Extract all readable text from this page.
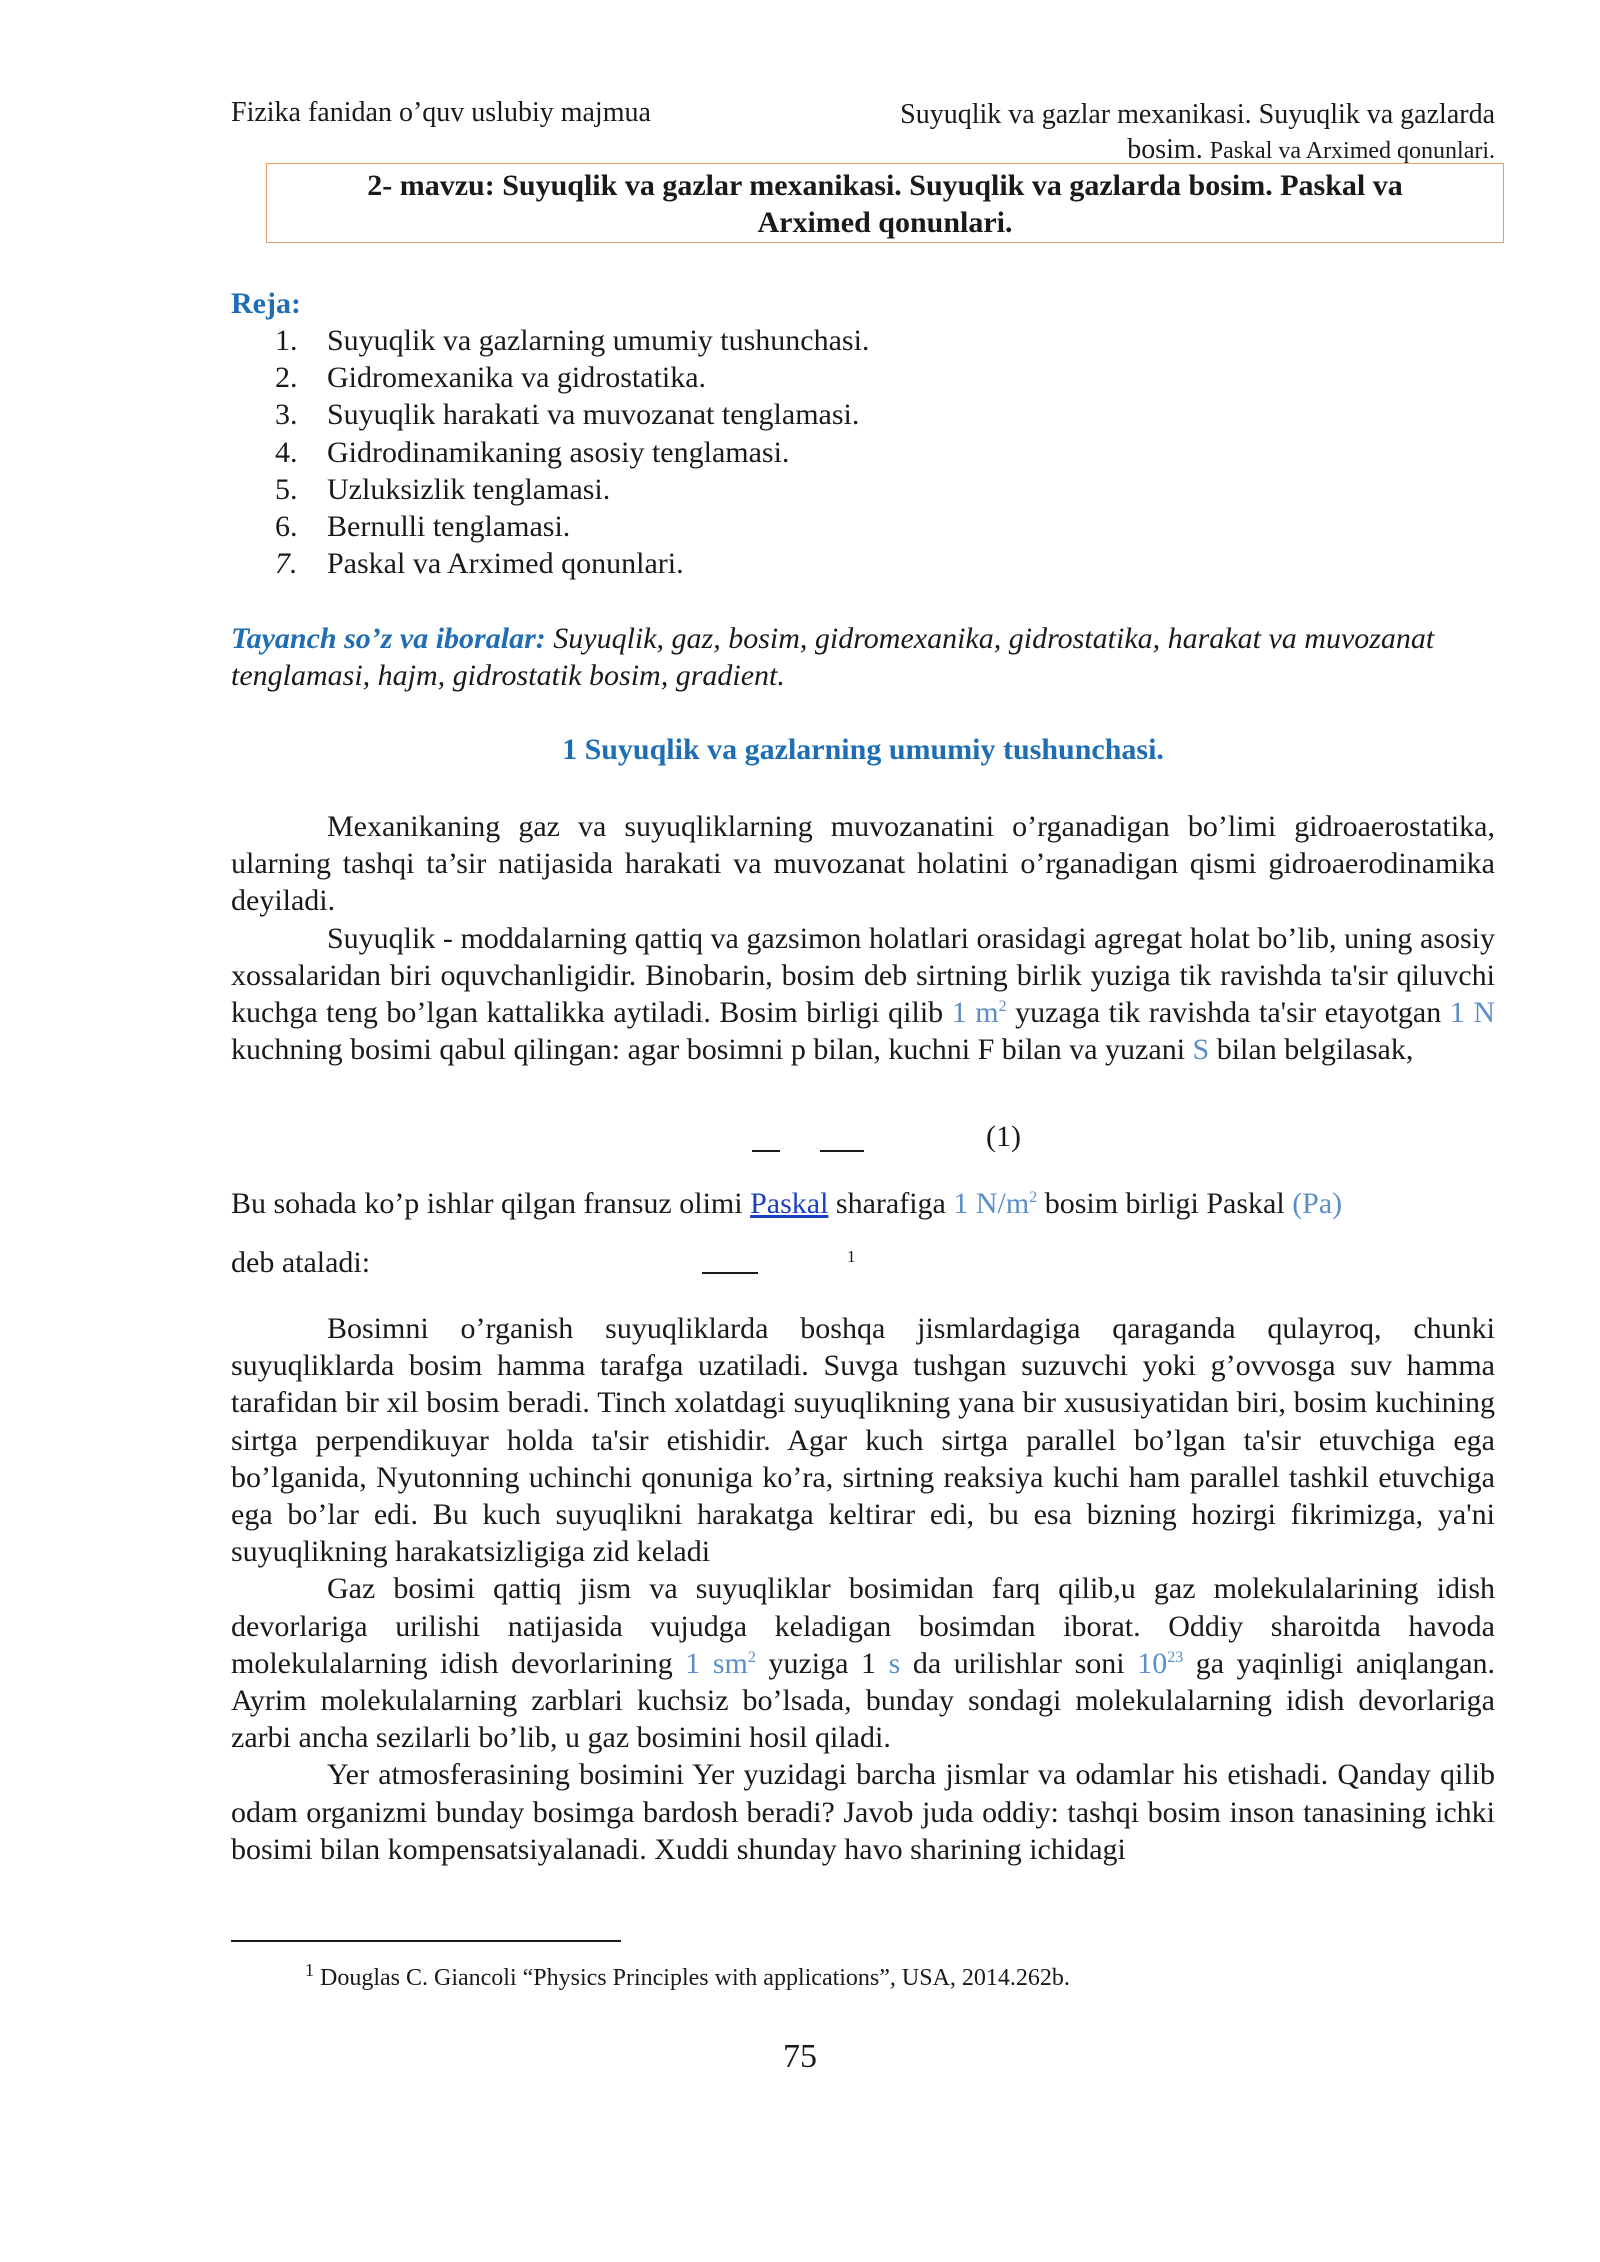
Fizika fanidan o’quv uslubiy majmua	Suyuqlik va gazlar mexanikasi. Suyuqlik va gazlarda
bosim. Paskal va Arximed qonunlari.
2- mavzu: Suyuqlik va gazlar mexanikasi. Suyuqlik va gazlarda bosim. Paskal va
Arximed qonunlari.
Reja:
1. Suyuqlik va gazlarning umumiy tushunchasi.
2. Gidromexanika va gidrostatika.
3. Suyuqlik harakati va muvozanat tenglamasi.
4. Gidrodinamikaning asosiy tenglamasi.
5. Uzluksizlik tenglamasi.
6. Bernulli tenglamasi.
7. Paskal va Arximed qonunlari.
Tayanch so’z va iboralar: Suyuqlik, gaz, bosim, gidromexanika, gidrostatika, harakat va muvozanat tenglamasi, hajm, gidrostatik bosim, gradient.
1 Suyuqlik va gazlarning umumiy tushunchasi.

Mexanikaning gaz va suyuqliklarning muvozanatini o’rganadigan bo’limi gidroaerostatika, ularning tashqi ta’sir natijasida harakati va muvozanat holatini o’rganadigan qismi gidroaerodinamika deyiladi.

Suyuqlik - moddalarning qattiq va gazsimon holatlari orasidagi agregat holat bo’lib, uning asosiy xossalaridan biri oquvchanligidir. Binobarin, bosim deb sirtning birlik yuziga tik ravishda ta'sir qiluvchi kuchga teng bo’lgan kattalikka aytiladi. Bosim birligi qilib 1 $m^2$ yuzaga tik ravishda ta'sir etayotgan 1 N kuchning bosimi qabul qilingan: agar bosimni p bilan, kuchni F bilan va yuzani S bilan belgilasak,

(1)
Bu sohada ko’p ishlar qilgan fransuz olimi Paskal sharafiga 1 $N/m^2$ bosim birligi Paskal (Pa)
deb ataladi:	1

Bosimni o’rganish suyuqliklarda boshqa jismlardagiga qaraganda qulayroq, chunki suyuqliklarda bosim hamma tarafga uzatiladi. Suvga tushgan suzuvchi yoki g’ovvosga suv hamma tarafidan bir xil bosim beradi. Tinch xolatdagi suyuqlikning yana bir xususiyatidan biri, bosim kuchining sirtga perpendikuyar holda ta'sir etishidir. Agar kuch sirtga parallel bo’lgan ta'sir etuvchiga ega bo’lganida, Nyutonning uchinchi qonuniga ko’ra, sirtning reaksiya kuchi ham parallel tashkil etuvchiga ega bo’lar edi. Bu kuch suyuqlikni harakatga keltirar edi, bu esa bizning hozirgi fikrimizga, ya'ni suyuqlikning harakatsizligiga zid keladi

Gaz bosimi qattiq jism va suyuqliklar bosimidan farq qilib,u gaz molekulalarining idish devorlariga urilishi natijasida vujudga keladigan bosimdan iborat. Oddiy sharoitda havoda molekulalarning idish devorlarining 1 $sm^2$ yuziga 1 s da urilishlar soni $10^{23}$ ga yaqinligi aniqlangan. Ayrim molekulalarning zarblari kuchsiz bo’lsada, bunday sondagi molekulalarning idish devorlariga zarbi ancha sezilarli bo’lib, u gaz bosimini hosil qiladi.

Yer atmosferasining bosimini Yer yuzidagi barcha jismlar va odamlar his etishadi. Qanday qilib odam organizmi bunday bosimga bardosh beradi? Javob juda oddiy: tashqi bosim inson tanasining ichki bosimi bilan kompensatsiyalanadi. Xuddi shunday havo sharining ichidagi

$^1$ Douglas C. Giancoli “Physics Principles with applications”, USA, 2014.262b.
75
